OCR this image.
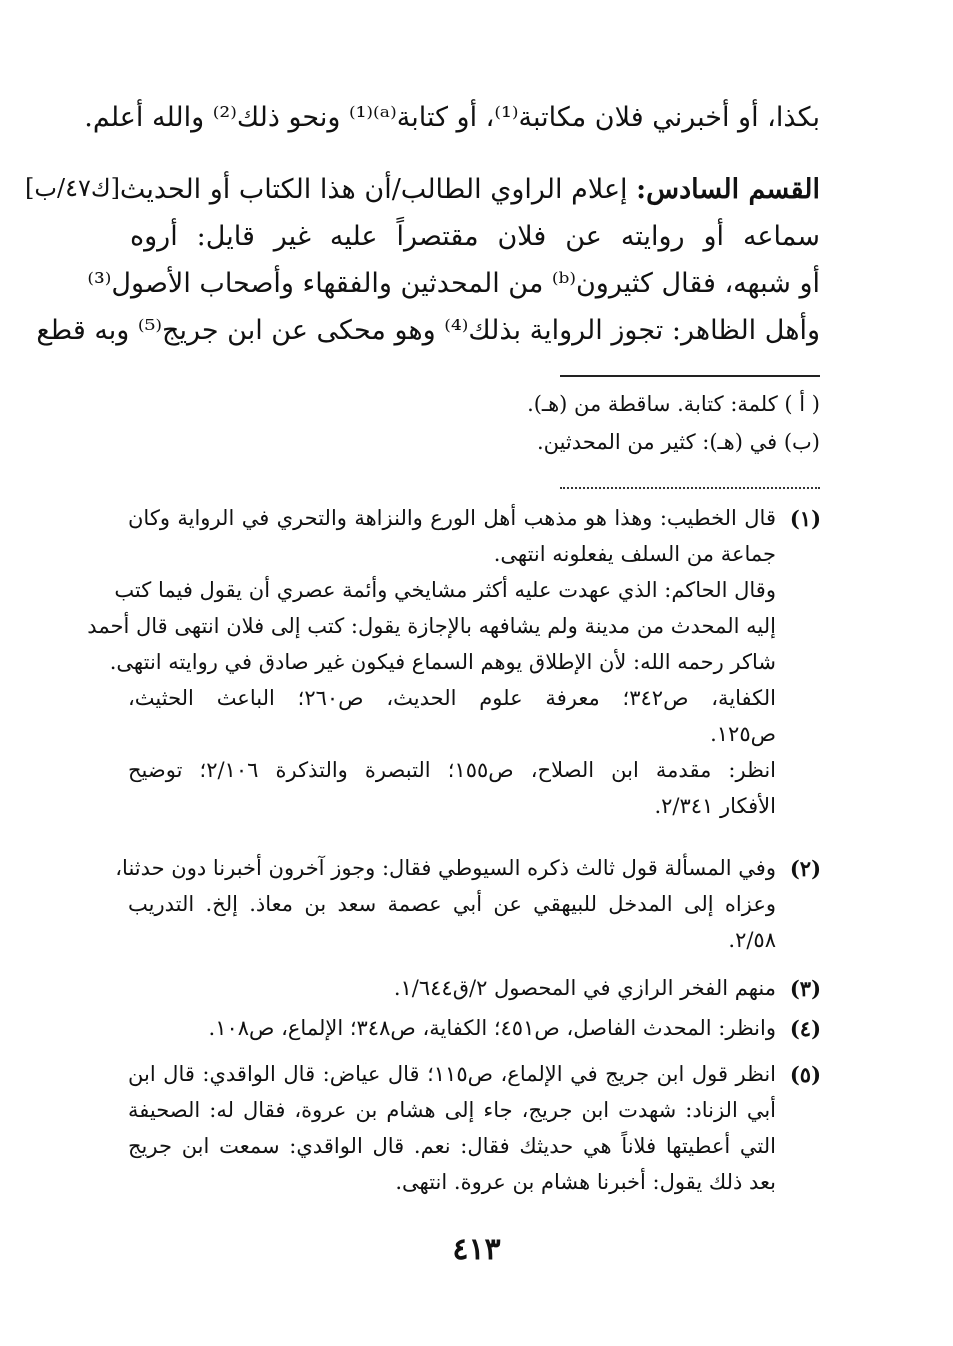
بكذا، أو أخبرني فلان مكاتبة⁽¹⁾، أو كتابة⁽ᵃ⁾⁽¹⁾ ونحو ذلك⁽²⁾ والله أعلم.
[ك٤٧/ب]	القسم السادس: إعلام الراوي الطالب/أن هذا الكتاب أو الحديث
سماعه أو روايته عن فلان مقتصراً عليه غير قايل: أروه
أو شبهه، فقال كثيرون⁽ᵇ⁾ من المحدثين والفقهاء وأصحاب الأصول⁽³⁾
وأهل الظاهر: تجوز الرواية بذلك⁽⁴⁾ وهو محكى عن ابن جريج⁽⁵⁾ وبه قطع
( أ ) كلمة: كتابة. ساقطة من (هـ).
(ب) في (هـ): كثير من المحدثين.
(١)
قال الخطيب: وهذا هو مذهب أهل الورع والنزاهة والتحري في الرواية وكان
جماعة من السلف يفعلونه انتهى.
وقال الحاكم: الذي عهدت عليه أكثر مشايخي وأئمة عصري أن يقول فيما كتب
إليه المحدث من مدينة ولم يشافهه بالإجازة يقول: كتب إلى فلان انتهى قال أحمد
شاكر رحمه الله: لأن الإطلاق يوهم السماع فيكون غير صادق في روايته انتهى.
الكفاية، ص٣٤٢؛ معرفة علوم الحديث، ص٢٦٠؛ الباعث الحثيث،
ص١٢٥.
انظر: مقدمة ابن الصلاح، ص١٥٥؛ التبصرة والتذكرة ٢/١٠٦؛ توضيح
الأفكار ٢/٣٤١.
(٢)
وفي المسألة قول ثالث ذكره السيوطي فقال: وجوز آخرون أخبرنا دون حدثنا،
وعزاه إلى المدخل للبيهقي عن أبي عصمة سعد بن معاذ. إلخ. التدريب
٢/٥٨.
(٣)
منهم الفخر الرازي في المحصول ٢/ق١/٦٤٤.
(٤)
وانظر: المحدث الفاصل، ص٤٥١؛ الكفاية، ص٣٤٨؛ الإلماع، ص١٠٨.
(٥)
انظر قول ابن جريج في الإلماع، ص١١٥؛ قال عياض: قال الواقدي: قال ابن
أبي الزناد: شهدت ابن جريج، جاء إلى هشام بن عروة، فقال له: الصحيفة
التي أعطيتها فلاناً هي حديثك فقال: نعم. قال الواقدي: سمعت ابن جريج
بعد ذلك يقول: أخبرنا هشام بن عروة. انتهى.
٤١٣
